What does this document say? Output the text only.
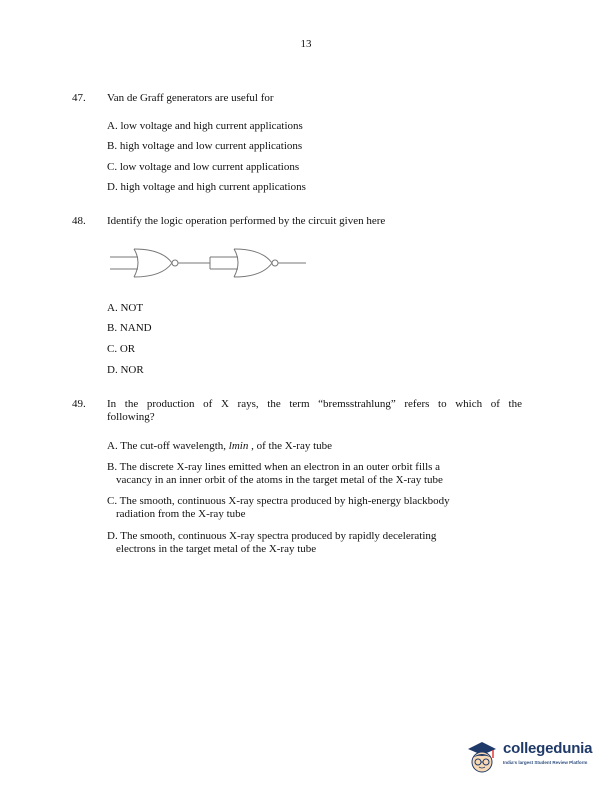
13
47. Van de Graff generators are useful for
A. low voltage and high current applications
B. high voltage and low current applications
C. low voltage and low current applications
D. high voltage and high current applications
48. Identify the logic operation performed by the circuit given here
A. NOT
B. NAND
C. OR
D. NOR
49. In the production of X rays, the term “bremsstrahlung” refers to which of the
following?
A. The cut-off wavelength, lmin , of the X-ray tube
B. The discrete X-ray lines emitted when an electron in an outer orbit fills a
vacancy in an inner orbit of the atoms in the target metal of the X-ray tube
C. The smooth, continuous X-ray spectra produced by high-energy blackbody
radiation from the X-ray tube
D. The smooth, continuous X-ray spectra produced by rapidly decelerating
electrons in the target metal of the X-ray tube
collegedunia
India's largest Student Review Platform
